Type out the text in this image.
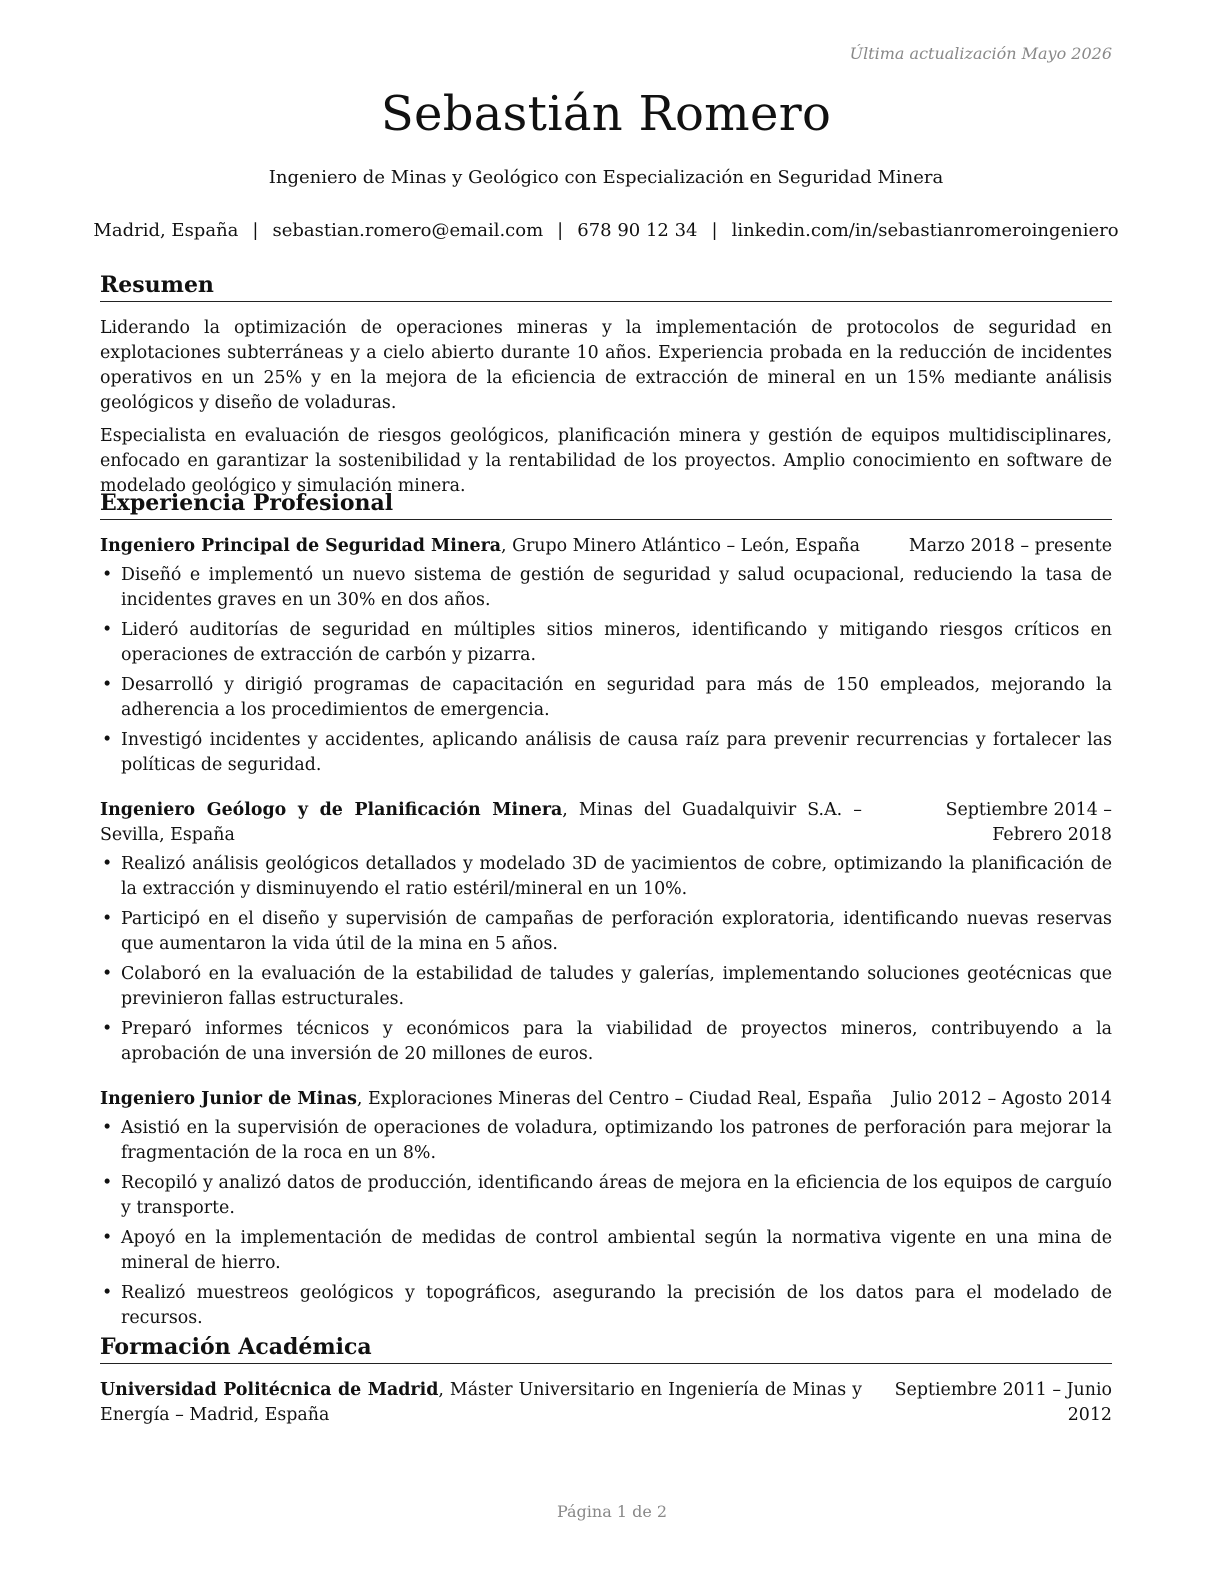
Última actualización Mayo 2026
Sebastián Romero
Ingeniero de Minas y Geológico con Especialización en Seguridad Minera
Madrid, España | sebastian.romero@email.com | 678 90 12 34 | linkedin.com/in/sebastianromeroingeniero
Resumen

Liderando la optimización de operaciones mineras y la implementación de protocolos de seguridad en explotaciones subterráneas y a cielo abierto durante 10 años. Experiencia probada en la reducción de incidentes operativos en un 25% y en la mejora de la eficiencia de extracción de mineral en un 15% mediante análisis geológicos y diseño de voladuras.

Especialista en evaluación de riesgos geológicos, planificación minera y gestión de equipos multidisciplinares, enfocado en garantizar la sostenibilidad y la rentabilidad de los proyectos. Amplio conocimiento en software de modelado geológico y simulación minera.

Experiencia Profesional
Ingeniero Principal de Seguridad Minera, Grupo Minero Atlántico – León, España	Marzo 2018 – presente
• Diseñó e implementó un nuevo sistema de gestión de seguridad y salud ocupacional, reduciendo la tasa de incidentes graves en un 30% en dos años.
• Lideró auditorías de seguridad en múltiples sitios mineros, identificando y mitigando riesgos críticos en operaciones de extracción de carbón y pizarra.
• Desarrolló y dirigió programas de capacitación en seguridad para más de 150 empleados, mejorando la adherencia a los procedimientos de emergencia.
• Investigó incidentes y accidentes, aplicando análisis de causa raíz para prevenir recurrencias y fortalecer las políticas de seguridad.
Ingeniero Geólogo y de Planificación Minera, Minas del Guadalquivir S.A. – Sevilla, España
Septiembre 2014 – Febrero 2018
• Realizó análisis geológicos detallados y modelado 3D de yacimientos de cobre, optimizando la planificación de la extracción y disminuyendo el ratio estéril/mineral en un 10%.
• Participó en el diseño y supervisión de campañas de perforación exploratoria, identificando nuevas reservas que aumentaron la vida útil de la mina en 5 años.
• Colaboró en la evaluación de la estabilidad de taludes y galerías, implementando soluciones geotécnicas que previnieron fallas estructurales.
• Preparó informes técnicos y económicos para la viabilidad de proyectos mineros, contribuyendo a la aprobación de una inversión de 20 millones de euros.
Ingeniero Junior de Minas, Exploraciones Mineras del Centro – Ciudad Real, España	Julio 2012 – Agosto 2014
• Asistió en la supervisión de operaciones de voladura, optimizando los patrones de perforación para mejorar la fragmentación de la roca en un 8%.
• Recopiló y analizó datos de producción, identificando áreas de mejora en la eficiencia de los equipos de carguío y transporte.
• Apoyó en la implementación de medidas de control ambiental según la normativa vigente en una mina de mineral de hierro.
• Realizó muestreos geológicos y topográficos, asegurando la precisión de los datos para el modelado de recursos.
Formación Académica
Universidad Politécnica de Madrid, Máster Universitario en Ingeniería de Minas y Energía – Madrid, España
Septiembre 2011 – Junio 2012
Página 1 de 2
